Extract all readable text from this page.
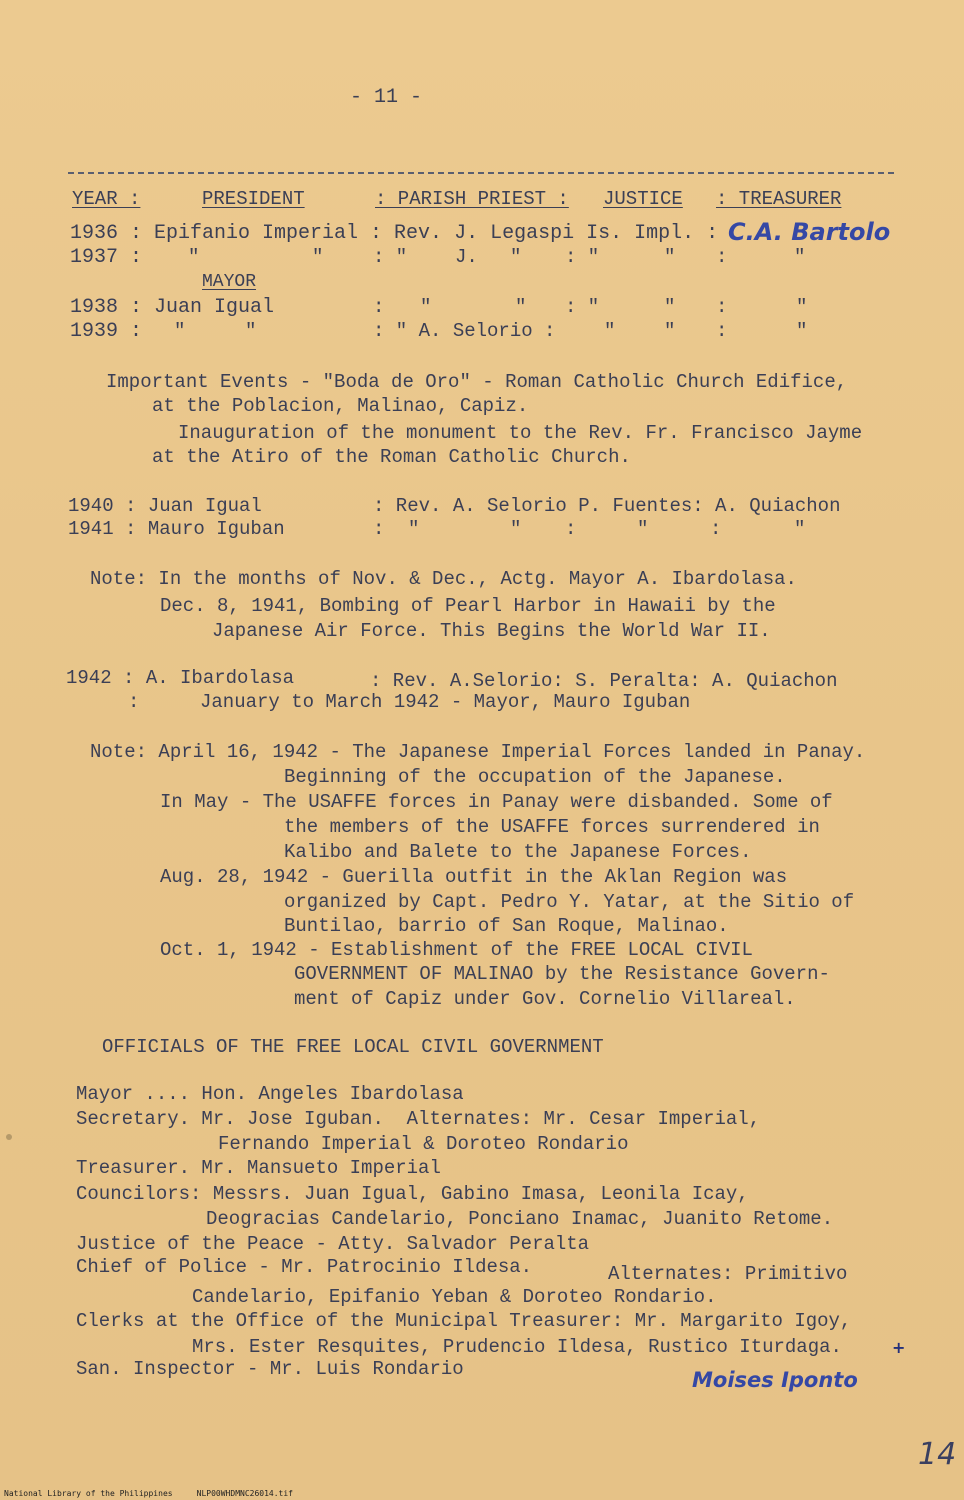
- 11 -
YEAR :	PRESIDENT	: PARISH PRIEST : JUSTICE : TREASURER
1936 : Epifanio Imperial : Rev. J. Legaspi Is. Impl. : C.A. Bartolo
1937 : "	"	: "	J. " : "	" :	"
MAYOR
1938 : Juan Igual	: "	" : "	" :	"
1939 : "	"	: " A. Selorio :	"	" :	"
Important Events - "Boda de Oro" - Roman Catholic Church Edifice,
at the Poblacion, Malinao, Capiz.
Inauguration of the monument to the Rev. Fr. Francisco Jayme
at the Atiro of the Roman Catholic Church.
1940 : Juan Igual	: Rev. A. Selorio P. Fuentes: A. Quiachon
1941 : Mauro Iguban	: "	" :	"	:	"
Note: In the months of Nov. & Dec., Actg. Mayor A. Ibardolasa.
Dec. 8, 1941, Bombing of Pearl Harbor in Hawaii by the
Japanese Air Force. This Begins the World War II.
1942 : A. Ibardolasa	: Rev. A.Selorio: S. Peralta: A. Quiachon
:	January to March 1942 - Mayor, Mauro Iguban
Note: April 16, 1942 - The Japanese Imperial Forces landed in Panay.
Beginning of the occupation of the Japanese.
In May - The USAFFE forces in Panay were disbanded. Some of
the members of the USAFFE forces surrendered in
Kalibo and Balete to the Japanese Forces.
Aug. 28, 1942 - Guerilla outfit in the Aklan Region was
organized by Capt. Pedro Y. Yatar, at the Sitio of
Buntilao, barrio of San Roque, Malinao.
Oct. 1, 1942 - Establishment of the FREE LOCAL CIVIL
GOVERNMENT OF MALINAO by the Resistance Govern-
ment of Capiz under Gov. Cornelio Villareal.
OFFICIALS OF THE FREE LOCAL CIVIL GOVERNMENT
Mayor .... Hon. Angeles Ibardolasa
Secretary. Mr. Jose Iguban.  Alternates: Mr. Cesar Imperial,
Fernando Imperial & Doroteo Rondario
Treasurer. Mr. Mansueto Imperial
Councilors: Messrs. Juan Igual, Gabino Imasa, Leonila Icay,
Deogracias Candelario, Ponciano Inamac, Juanito Retome.
Justice of the Peace - Atty. Salvador Peralta
Chief of Police - Mr. Patrocinio Ildesa.	Alternates: Primitivo
Candelario, Epifanio Yeban & Doroteo Rondario.
Clerks at the Office of the Municipal Treasurer: Mr. Margarito Igoy,
Mrs. Ester Resquites, Prudencio Ildesa, Rustico Iturdaga.	+
San. Inspector - Mr. Luis Rondario	Moises Iponto
14
National Library of the Philippines     NLP00WHDMNC26014.tif
